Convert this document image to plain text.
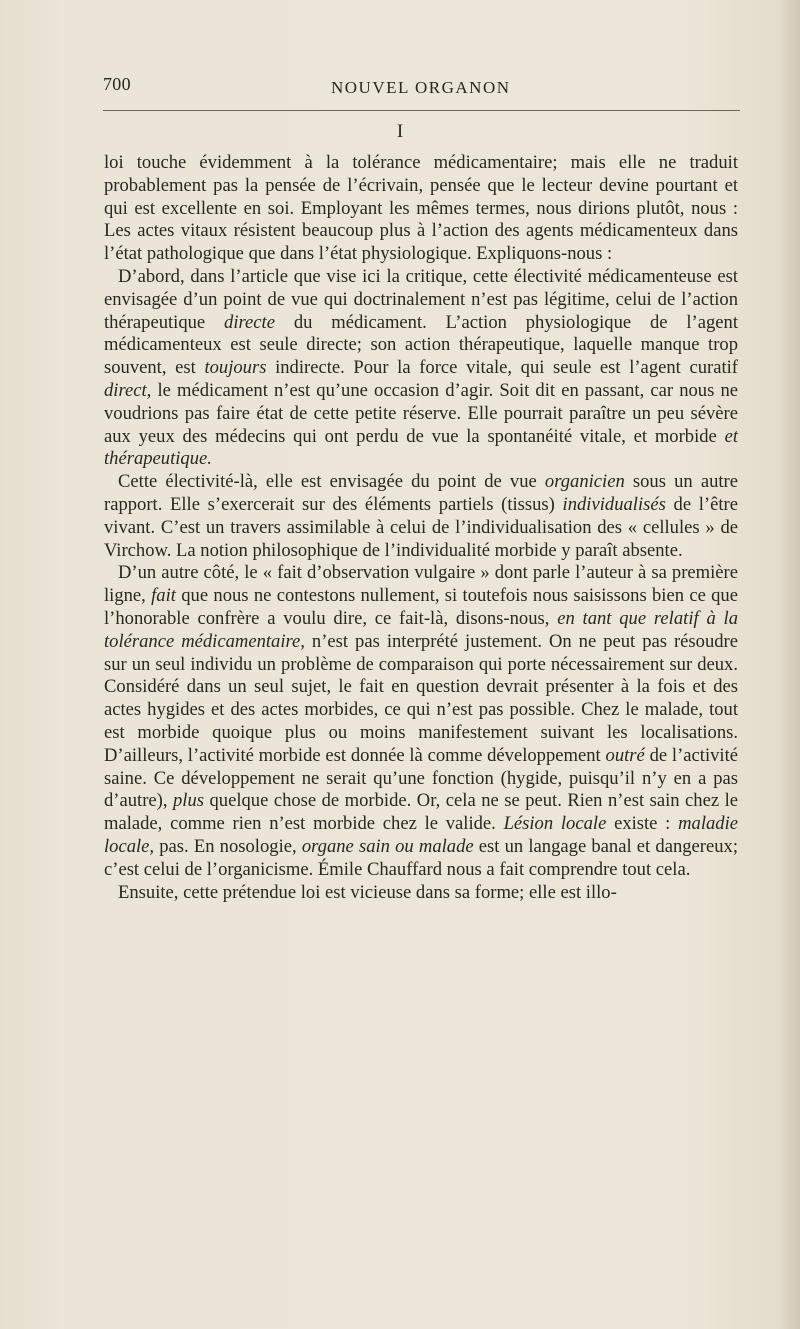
700	NOUVEL ORGANON
I

loi touche évidemment à la tolérance médicamentaire; mais elle ne traduit probablement pas la pensée de l’écrivain, pensée que le lecteur devine pourtant et qui est excellente en soi. Employant les mêmes termes, nous dirions plutôt, nous : Les actes vitaux résistent beaucoup plus à l’action des agents médicamenteux dans l’état pathologique que dans l’état physiologique. Expliquons-nous :

D’abord, dans l’article que vise ici la critique, cette électivité médicamenteuse est envisagée d’un point de vue qui doctrinalement n’est pas légitime, celui de l’action thérapeutique directe du médicament. L’action physiologique de l’agent médicamenteux est seule directe; son action thérapeutique, laquelle manque trop souvent, est toujours indirecte. Pour la force vitale, qui seule est l’agent curatif direct, le médicament n’est qu’une occasion d’agir. Soit dit en passant, car nous ne voudrions pas faire état de cette petite réserve. Elle pourrait paraître un peu sévère aux yeux des médecins qui ont perdu de vue la spontanéité vitale, et morbide et thérapeutique.

Cette électivité-là, elle est envisagée du point de vue organicien sous un autre rapport. Elle s’exercerait sur des éléments partiels (tissus) individualisés de l’être vivant. C’est un travers assimilable à celui de l’individualisation des « cellules » de Virchow. La notion philosophique de l’individualité morbide y paraît absente.

D’un autre côté, le « fait d’observation vulgaire » dont parle l’auteur à sa première ligne, fait que nous ne contestons nullement, si toutefois nous saisissons bien ce que l’honorable confrère a voulu dire, ce fait-là, disons-nous, en tant que relatif à la tolérance médicamentaire, n’est pas interprété justement. On ne peut pas résoudre sur un seul individu un problème de comparaison qui porte nécessairement sur deux. Considéré dans un seul sujet, le fait en question devrait présenter à la fois et des actes hygides et des actes morbides, ce qui n’est pas possible. Chez le malade, tout est morbide quoique plus ou moins manifestement suivant les localisations. D’ailleurs, l’activité morbide est donnée là comme développement outré de l’activité saine. Ce développement ne serait qu’une fonction (hygide, puisqu’il n’y en a pas d’autre), plus quelque chose de morbide. Or, cela ne se peut. Rien n’est sain chez le malade, comme rien n’est morbide chez le valide. Lésion locale existe : maladie locale, pas. En nosologie, organe sain ou malade est un langage banal et dangereux; c’est celui de l’organicisme. Émile Chauffard nous a fait comprendre tout cela.

Ensuite, cette prétendue loi est vicieuse dans sa forme; elle est illo-
